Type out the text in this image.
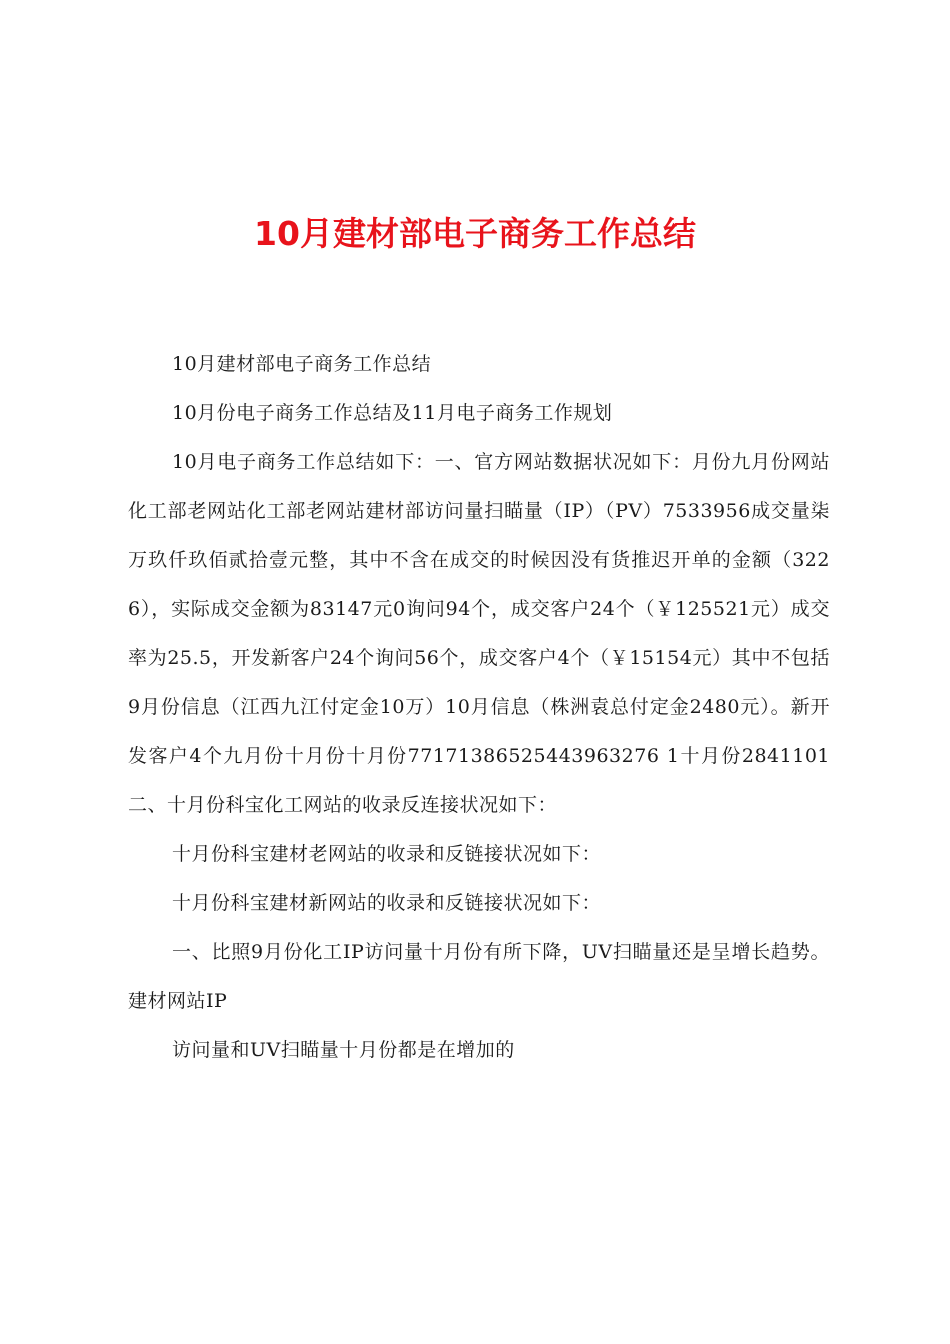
10月建材部电子商务工作总结

10月建材部电子商务工作总结

10月份电子商务工作总结及11月电子商务工作规划

10月电子商务工作总结如下：一、官方网站数据状况如下：月份九月份网站化工部老网站化工部老网站建材部访问量扫瞄量（IP）（PV）7533956成交量柒万玖仟玖佰贰拾壹元整，其中不含在成交的时候因没有货推迟开单的金额（3226），实际成交金额为83147元0询问94个，成交客户24个（￥125521元）成交率为25.5，开发新客户24个询问56个，成交客户4个（￥15154元）其中不包括9月份信息（江西九江付定金10万）10月信息（株洲袁总付定金2480元）。新开发客户4个九月份十月份十月份77171386525443963276 1十月份2841101二、十月份科宝化工网站的收录反连接状况如下：

十月份科宝建材老网站的收录和反链接状况如下：

十月份科宝建材新网站的收录和反链接状况如下：

一、比照9月份化工IP访问量十月份有所下降，UV扫瞄量还是呈增长趋势。建材网站IP

访问量和UV扫瞄量十月份都是在增加的
